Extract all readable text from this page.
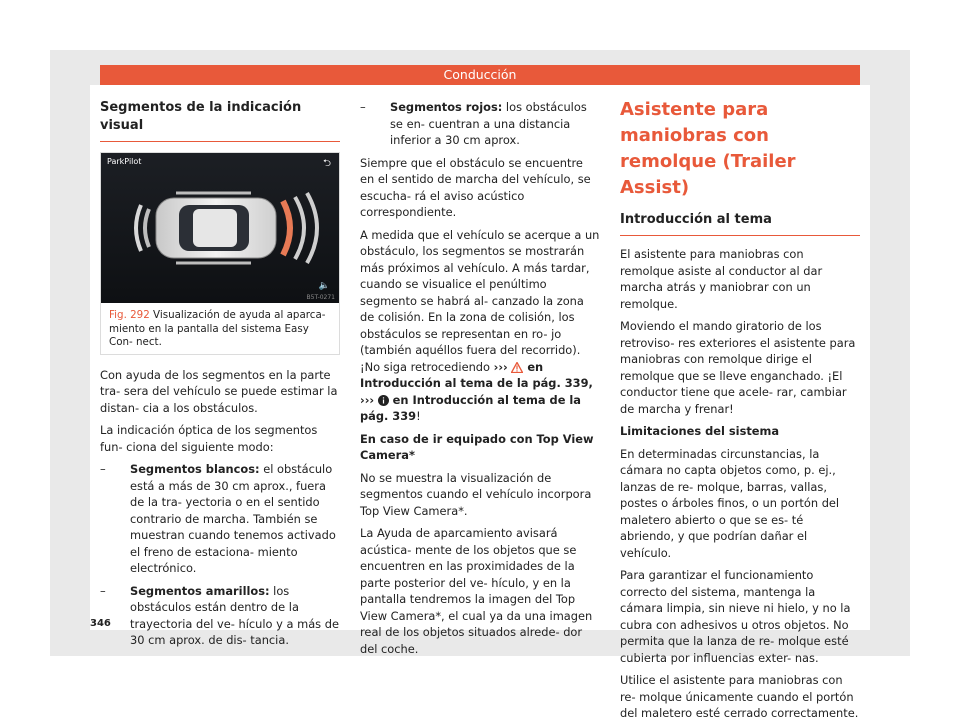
Conducción
Segmentos de la indicación visual
ParkPilot	⮌
🔈
B5T-0271
Fig. 292 Visualización de ayuda al aparca- miento en la pantalla del sistema Easy Con- nect.

Con ayuda de los segmentos en la parte tra- sera del vehículo se puede estimar la distan- cia a los obstáculos.

La indicación óptica de los segmentos fun- ciona del siguiente modo:

– Segmentos blancos: el obstáculo está a más de 30 cm aprox., fuera de la tra- yectoria o en el sentido contrario de marcha. También se muestran cuando tenemos activado el freno de estaciona- miento electrónico.

– Segmentos amarillos: los obstáculos están dentro de la trayectoria del ve- hículo y a más de 30 cm aprox. de dis- tancia.

– Segmentos rojos: los obstáculos se en- cuentran a una distancia inferior a 30 cm aprox.

Siempre que el obstáculo se encuentre en el sentido de marcha del vehículo, se escucha- rá el aviso acústico correspondiente.

A medida que el vehículo se acerque a un obstáculo, los segmentos se mostrarán más próximos al vehículo. A más tardar, cuando se visualice el penúltimo segmento se habrá al- canzado la zona de colisión. En la zona de colisión, los obstáculos se representan en ro- jo (también aquéllos fuera del recorrido). ¡No siga retrocediendo ›››  en Introducción al tema de la pág. 339, ›››  en Introducción al tema de la pág. 339!

En caso de ir equipado con Top View Camera*

No se muestra la visualización de segmentos cuando el vehículo incorpora Top View Camera*.

La Ayuda de aparcamiento avisará acústica- mente de los objetos que se encuentren en las proximidades de la parte posterior del ve- hículo, y en la pantalla tendremos la imagen del Top View Camera*, el cual ya da una imagen real de los objetos situados alrede- dor del coche.

Asistente para maniobras con remolque (Trailer Assist)
Introducción al tema

El asistente para maniobras con remolque asiste al conductor al dar marcha atrás y maniobrar con un remolque.

Moviendo el mando giratorio de los retroviso- res exteriores el asistente para maniobras con remolque dirige el remolque que se lleve enganchado. ¡El conductor tiene que acele- rar, cambiar de marcha y frenar!

Limitaciones del sistema

En determinadas circunstancias, la cámara no capta objetos como, p. ej., lanzas de re- molque, barras, vallas, postes o árboles finos, o un portón del maletero abierto o que se es- té abriendo, y que podrían dañar el vehículo.

Para garantizar el funcionamiento correcto del sistema, mantenga la cámara limpia, sin nieve ni hielo, y no la cubra con adhesivos u otros objetos. No permita que la lanza de re- molque esté cubierta por influencias exter- nas.

Utilice el asistente para maniobras con re- molque únicamente cuando el portón del maletero esté cerrado correctamente.

346
